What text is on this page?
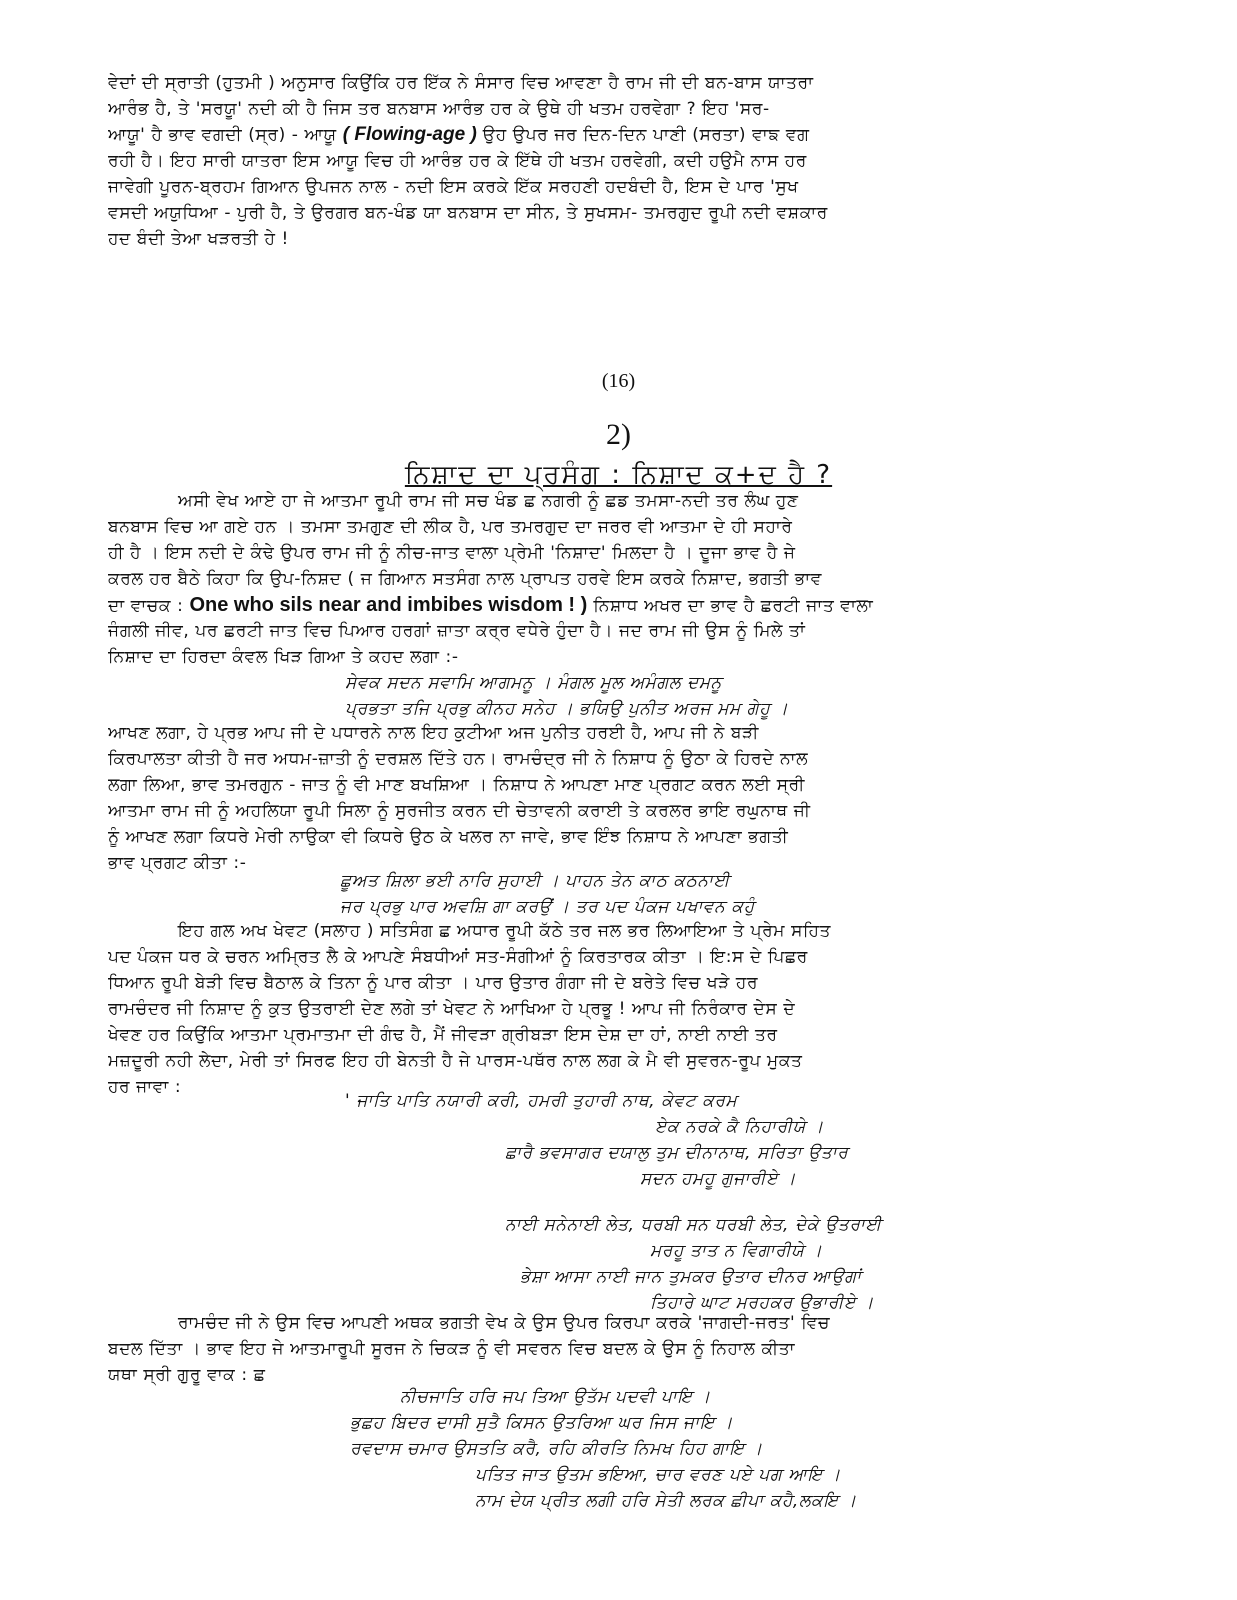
ਵੇਦਾਂ ਦੀ ਸ੍ਰਾਤੀ (ਹੁਤਮੀ ) ਅਨੁਸਾਰ ਕਿਉਂਕਿ ਹਰ ਇੱਕ ਨੇ ਸੰਸਾਰ ਵਿਚ ਆਵਣਾ ਹੈ ਰਾਮ ਜੀ ਦੀ ਬਨ-ਬਾਸ ਯਾਤਰਾ

ਆਰੰਭ ਹੈ, ਤੇ 'ਸਰਯੂ' ਨਦੀ ਕੀ ਹੈ ਜਿਸ ਤਰ ਬਨਬਾਸ ਆਰੰਭ ਹਰ ਕੇ ਉਥੇ ਹੀ ਖਤਮ ਹਰਵੇਗਾ ? ਇਹ 'ਸਰ-

ਆਯੂ' ਹੈ ਭਾਵ ਵਗਦੀ (ਸ੍ਰ) - ਆਯੂ ( Flowing-age ) ਉਹ ਉਪਰ ਜਰ ਦਿਨ-ਦਿਨ ਪਾਣੀ (ਸਰਤਾ) ਵਾਙ ਵਗ

ਰਹੀ ਹੈ। ਇਹ ਸਾਰੀ ਯਾਤਰਾ ਇਸ ਆਯੂ ਵਿਚ ਹੀ ਆਰੰਭ ਹਰ ਕੇ ਇੱਥੇ ਹੀ ਖਤਮ ਹਰਵੇਗੀ, ਕਦੀ ਹਉਮੈ ਨਾਸ ਹਰ

ਜਾਵੇਗੀ ਪੂਰਨ-ਬ੍ਰਹਮ ਗਿਆਨ ਉਪਜਨ ਨਾਲ - ਨਦੀ ਇਸ ਕਰਕੇ ਇੱਕ ਸਰਹਣੀ ਹਦਬੰਦੀ ਹੈ, ਇਸ ਦੇ ਪਾਰ 'ਸੁਖ

ਵਸਦੀ ਅਯੁਧਿਆ - ਪੁਰੀ ਹੈ, ਤੇ ਉਰਗਰ ਬਨ-ਖੰਡ ਯਾ ਬਨਬਾਸ ਦਾ ਸੀਨ, ਤੇ ਸੁਖਸਮ- ਤਮਰਗੁਦ ਰੂਪੀ ਨਦੀ ਵਸ਼ਕਾਰ

ਹਦ ਬੰਦੀ ਤੇਆ ਖੜਰਤੀ ਹੇ !

(16)
2)
ਨਿਸ਼ਾਦ ਦਾ ਪ੍ਰਸੰਗ : ਨਿਸ਼ਾਦ ਕ+ਦ ਹੈ ?

ਅਸੀ ਵੇਖ ਆਏ ਹਾ ਜੇ ਆਤਮਾ ਰੂਪੀ ਰਾਮ ਜੀ ਸਚ ਖੰਡ ਛ ਨਗਰੀ ਨੂੰ ਛਡ ਤਮਸਾ-ਨਦੀ ਤਰ ਲੰਘ ਹੁਣ

ਬਨਬਾਸ ਵਿਚ ਆ ਗਏ ਹਨ । ਤਮਸਾ ਤਮਗੁਣ ਦੀ ਲੀਕ ਹੈ, ਪਰ ਤਮਰਗੁਦ ਦਾ ਜਰਰ ਵੀ ਆਤਮਾ ਦੇ ਹੀ ਸਹਾਰੇ

ਹੀ ਹੈ । ਇਸ ਨਦੀ ਦੇ ਕੰਢੇ ਉਪਰ ਰਾਮ ਜੀ ਨੂੰ ਨੀਚ-ਜਾਤ ਵਾਲਾ ਪ੍ਰੇਮੀ 'ਨਿਸ਼ਾਦ' ਮਿਲਦਾ ਹੈ । ਦੂਜਾ ਭਾਵ ਹੈ ਜੇ

ਕਰਲ ਹਰ ਬੈਠੇ ਕਿਹਾ ਕਿ ਉਪ-ਨਿਸ਼ਦ ( ਜ ਗਿਆਨ ਸਤਸੰਗ ਨਾਲ ਪ੍ਰਾਪਤ ਹਰਵੇ ਇਸ ਕਰਕੇ ਨਿਸ਼ਾਦ, ਭਗਤੀ ਭਾਵ

ਦਾ ਵਾਚਕ : One who sils near and imbibes wisdom ! ) ਨਿਸ਼ਾਧ ਅਖਰ ਦਾ ਭਾਵ ਹੈ ਛਰਟੀ ਜਾਤ ਵਾਲਾ

ਜੰਗਲੀ ਜੀਵ, ਪਰ ਛਰਟੀ ਜਾਤ ਵਿਚ ਪਿਆਰ ਹਰਗਾਂ ਜ਼ਾਤਾ ਕਰ੍ਰ ਵਧੇਰੇ ਹੁੰਦਾ ਹੈ। ਜਦ ਰਾਮ ਜੀ ਉਸ ਨੂੰ ਮਿਲੇ ਤਾਂ

ਨਿਸ਼ਾਦ ਦਾ ਹਿਰਦਾ ਕੰਵਲ ਖਿੜ ਗਿਆ ਤੇ ਕਹਦ ਲਗਾ :-

ਸੇਵਕ ਸਦਨ ਸਵਾਮਿ ਆਗਮਨੂ । ਮੰਗਲ ਮੂਲ ਅਮੰਗਲ ਦਮਨੂ
ਪ੍ਰਭਤਾ ਤਜਿ ਪ੍ਰਭੁ ਕੀਨਹ ਸਨੇਹ । ਭਯਿਉ ਪੁਨੀਤ ਅਰਜ ਮਮ ਗੇਹੂ ।

ਆਖਣ ਲਗਾ, ਹੇ ਪ੍ਰਭ ਆਪ ਜੀ ਦੇ ਪਧਾਰਨੇ ਨਾਲ ਇਹ ਕੁਟੀਆ ਅਜ ਪੁਨੀਤ ਹਰਈ ਹੈ, ਆਪ ਜੀ ਨੇ ਬੜੀ

ਕਿਰਪਾਲਤਾ ਕੀਤੀ ਹੈ ਜਰ ਅਧਮ-ਜ਼ਾਤੀ ਨੂੰ ਦਰਸ਼ਲ ਦਿੱਤੇ ਹਨ। ਰਾਮਚੰਦ੍ਰ ਜੀ ਨੇ ਨਿਸ਼ਾਧ ਨੂੰ ਉਠਾ ਕੇ ਹਿਰਦੇ ਨਾਲ

ਲਗਾ ਲਿਆ, ਭਾਵ ਤਮਰਗੁਨ - ਜਾਤ ਨੂੰ ਵੀ ਮਾਣ ਬਖਸ਼ਿਆ । ਨਿਸ਼ਾਧ ਨੇ ਆਪਣਾ ਮਾਣ ਪ੍ਰਗਟ ਕਰਨ ਲਈ ਸ੍ਰੀ

ਆਤਮਾ ਰਾਮ ਜੀ ਨੂੰ ਅਹਲਿਯਾ ਰੂਪੀ ਸਿਲਾ ਨੂੰ ਸੁਰਜੀਤ ਕਰਨ ਦੀ ਚੇਤਾਵਨੀ ਕਰਾਈ ਤੇ ਕਰਲਰ ਭਾਇ ਰਘੁਨਾਥ ਜੀ

ਨੂੰ ਆਖਣ ਲਗਾ ਕਿਧਰੇ ਮੇਰੀ ਨਾਉਕਾ ਵੀ ਕਿਧਰੇ ਉਠ ਕੇ ਖਲਰ ਨਾ ਜਾਵੇ, ਭਾਵ ਇੰਝ ਨਿਸ਼ਾਧ ਨੇ ਆਪਣਾ ਭਗਤੀ

ਭਾਵ ਪ੍ਰਗਟ ਕੀਤਾ :-

ਛੂਅਤ ਸ਼ਿਲਾ ਭਈ ਨਾਰਿ ਸੁਹਾਈ । ਪਾਹਨ ਤੇਨ ਕਾਠ ਕਠਨਾਈ
ਜਰ ਪ੍ਰਭੁ ਪਾਰ ਅਵਸ਼ਿ ਗਾ ਕਰਉਂ । ਤਰ ਪਦ ਪੰਕਜ ਪਖਾਵਨ ਕਹੁੰ

ਇਹ ਗਲ ਅਖ ਖੇਵਟ (ਸਲਾਹ ) ਸਤਿਸੰਗ ਛ ਅਧਾਰ ਰੂਪੀ ਕੱਠੇ ਤਰ ਜਲ ਭਰ ਲਿਆਇਆ ਤੇ ਪ੍ਰੇਮ ਸਹਿਤ

ਪਦ ਪੰਕਜ ਧਰ ਕੇ ਚਰਨ ਅਮ੍ਰਿਤ ਲੈ ਕੇ ਆਪਣੇ ਸੰਬਧੀਆਂ ਸਤ-ਸੰਗੀਆਂ ਨੂੰ ਕਿਰਤਾਰਕ ਕੀਤਾ । ਇ:ਸ ਦੇ ਪਿਛਰ

ਧਿਆਨ ਰੂਪੀ ਬੇੜੀ ਵਿਚ ਬੈਠਾਲ ਕੇ ਤਿਨਾ ਨੂੰ ਪਾਰ ਕੀਤਾ । ਪਾਰ ਉਤਾਰ ਗੰਗਾ ਜੀ ਦੇ ਬਰੇਤੇ ਵਿਚ ਖੜੇ ਹਰ

ਰਾਮਚੰਦਰ ਜੀ ਨਿਸ਼ਾਦ ਨੂੰ ਕੁਤ ਉਤਰਾਈ ਦੇਣ ਲਗੇ ਤਾਂ ਖੇਵਟ ਨੇ ਆਖਿਆ ਹੇ ਪ੍ਰਭੂ ! ਆਪ ਜੀ ਨਿਰੰਕਾਰ ਦੇਸ ਦੇ

ਖੇਵਣ ਹਰ ਕਿਉਂਕਿ ਆਤਮਾ ਪ੍ਰਮਾਤਮਾ ਦੀ ਗੰਢ ਹੈ, ਮੈਂ ਜੀਵੜਾ ਗ੍ਰੀਬੜਾ ਇਸ ਦੇਸ਼ ਦਾ ਹਾਂ, ਨਾਈ ਨਾਈ ਤਰ

ਮਜ਼ਦੂਰੀ ਨਹੀ ਲੇਦਾ, ਮੇਰੀ ਤਾਂ ਸਿਰਫ ਇਹ ਹੀ ਬੇਨਤੀ ਹੈ ਜੇ ਪਾਰਸ-ਪਥੱਰ ਨਾਲ ਲਗ ਕੇ ਮੈ ਵੀ ਸੁਵਰਨ-ਰੂਪ ਮੁਕਤ

ਹਰ ਜਾਵਾ :

' ਜਾਤਿ ਪਾਤਿ ਨਯਾਰੀ ਕਰੀ, ਹਮਰੀ ਤੁਹਾਰੀ ਨਾਥ, ਕੇਵਟ ਕਰਮ
ਏਕ ਨਰਕੇ ਕੈ ਨਿਹਾਰੀਯੇ ।
ਛਾਰੈ ਭਵਸਾਗਰ ਦਯਾਲੁ ਤੁਮ ਦੀਨਾਨਾਥ, ਸਰਿਤਾ ਉਤਾਰ
ਸਦਨ ਹਮਹੂ ਗੁਜਾਰੀਏ ।
ਨਾਈ ਸਨੇਨਾਈ ਲੇਤ, ਧਰਬੀ ਸਨ ਧਰਬੀ ਲੇਤ, ਦੇਕੇ ਉਤਰਾਈ
ਮਰਹੂ ਤਾਤ ਨ ਵਿਗਾਰੀਯੇ ।
ਭੇਸ਼ਾ ਆਸਾ ਨਾਈ ਜਾਨ ਤੁਮਕਰ ਉਤਾਰ ਦੀਨਰ ਆਉਗਾਂ
ਤਿਹਾਰੇ ਘਾਟ ਮਰਹਕਰ ਉਭਾਰੀਏ ।

ਰਾਮਚੰਦ ਜੀ ਨੇ ਉਸ ਵਿਚ ਆਪਣੀ ਅਥਕ ਭਗਤੀ ਵੇਖ ਕੇ ਉਸ ਉਪਰ ਕਿਰਪਾ ਕਰਕੇ 'ਜਾਗਦੀ-ਜਰਤ' ਵਿਚ

ਬਦਲ ਦਿੱਤਾ । ਭਾਵ ਇਹ ਜੇ ਆਤਮਾਰੂਪੀ ਸੂਰਜ ਨੇ ਚਿਕੜ ਨੂੰ ਵੀ ਸਵਰਨ ਵਿਚ ਬਦਲ ਕੇ ਉਸ ਨੂੰ ਨਿਹਾਲ ਕੀਤਾ

ਯਥਾ ਸ੍ਰੀ ਗੁਰੂ ਵਾਕ : ਛ

ਨੀਚਜਾਤਿ ਹਰਿ ਜਪ ਤਿਆ ਉਤੱਮ ਪਦਵੀ ਪਾਇ ।
ਭੁਛਹ ਬਿਦਰ ਦਾਸੀ ਸੁਤੈ ਕਿਸਨ ਉਤਰਿਆ ਘਰ ਜਿਸ ਜਾਇ ।
ਰਵਦਾਸ ਚਮਾਰ ਉਸਤਤਿ ਕਰੈ, ਰਹਿ ਕੀਰਤਿ ਨਿਮਖ ਹਿਹ ਗਾਇ ।
ਪਤਿਤ ਜਾਤ ਉਤਮ ਭਇਆ, ਚਾਰ ਵਰਣ ਪਏ ਪਗ ਆਇ ।
ਨਾਮ ਦੇਯ ਪ੍ਰੀਤ ਲਗੀ ਹਰਿ ਸੇਤੀ ਲਰਕ ਛੀਪਾ ਕਹੈ,ਲਕਇ ।
